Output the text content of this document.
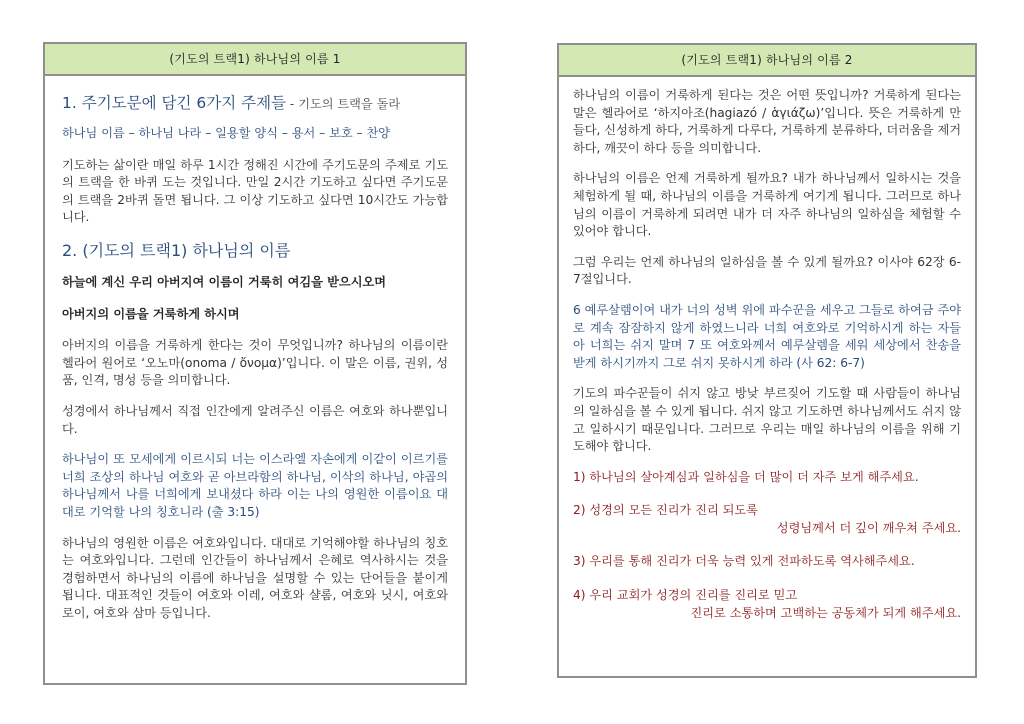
(기도의 트랙1) 하나님의 이름 1
1. 주기도문에 담긴 6가지 주제들 - 기도의 트랙을 돌라

하나님 이름 – 하나님 나라 – 일용할 양식 – 용서 – 보호 – 찬양

기도하는 삶이란 매일 하루 1시간 정해진 시간에 주기도문의 주제로 기도의 트랙을 한 바퀴 도는 것입니다. 만일 2시간 기도하고 싶다면 주기도문의 트랙을 2바퀴 돌면 됩니다. 그 이상 기도하고 싶다면 10시간도 가능합니다.

2. (기도의 트랙1) 하나님의 이름

하늘에 계신 우리 아버지여 이름이 거룩히 여김을 받으시오며

아버지의 이름을 거룩하게 하시며

아버지의 이름을 거룩하게 한다는 것이 무엇입니까? 하나님의 이름이란 헬라어 원어로 ‘오노마(onoma / ὄνομα)’입니다. 이 말은 이름, 권위, 성품, 인격, 명성 등을 의미합니다.

성경에서 하나님께서 직접 인간에게 알려주신 이름은 여호와 하나뿐입니다.

하나님이 또 모세에게 이르시되 너는 이스라엘 자손에게 이같이 이르기를 너희 조상의 하나님 여호와 곧 아브라함의 하나님, 이삭의 하나님, 야곱의 하나님께서 나를 너희에게 보내셨다 하라 이는 나의 영원한 이름이요 대대로 기억할 나의 칭호니라 (출 3:15)

하나님의 영원한 이름은 여호와입니다. 대대로 기억해야할 하나님의 칭호는 여호와입니다. 그런데 인간들이 하나님께서 은혜로 역사하시는 것을 경험하면서 하나님의 이름에 하나님을 설명할 수 있는 단어들을 붙이게 됩니다. 대표적인 것들이 여호와 이레, 여호와 샬롬, 여호와 닛시, 여호와 로이, 여호와 삼마 등입니다.

(기도의 트랙1) 하나님의 이름 2

하나님의 이름이 거룩하게 된다는 것은 어떤 뜻입니까? 거룩하게 된다는 말은 헬라어로 ‘하지아조(hagiazó / ἁγιάζω)’입니다. 뜻은 거룩하게 만들다, 신성하게 하다, 거룩하게 다루다, 거룩하게 분류하다, 더러움을 제거하다, 깨끗이 하다 등을 의미합니다.

하나님의 이름은 언제 거룩하게 될까요? 내가 하나님께서 일하시는 것을 체험하게 될 때, 하나님의 이름을 거룩하게 여기게 됩니다. 그러므로 하나님의 이름이 거룩하게 되려면 내가 더 자주 하나님의 일하심을 체험할 수 있어야 합니다.

그럼 우리는 언제 하나님의 일하심을 볼 수 있게 될까요? 이사야 62장 6-7절입니다.

6 예루살렘이여 내가 너의 성벽 위에 파수꾼을 세우고 그들로 하여금 주야로 계속 잠잠하지 않게 하였느니라 너희 여호와로 기억하시게 하는 자들아 너희는 쉬지 말며 7 또 여호와께서 예루살렘을 세워 세상에서 찬송을 받게 하시기까지 그로 쉬지 못하시게 하라 (사 62: 6-7)

기도의 파수꾼들이 쉬지 않고 방낮 부르짖어 기도할 때 사람들이 하나님의 일하심을 볼 수 있게 됩니다. 쉬지 않고 기도하면 하나님께서도 쉬지 않고 일하시기 때문입니다. 그러므로 우리는 매일 하나님의 이름을 위해 기도해야 합니다.

1) 하나님의 살아계심과 일하심을 더 많이 더 자주 보게 해주세요.

2) 성경의 모든 진리가 진리 되도록

성령님께서 더 깊이 깨우쳐 주세요.

3) 우리를 통해 진리가 더욱 능력 있게 전파하도록 역사해주세요.

4) 우리 교회가 성경의 진리를 진리로 믿고

진리로 소통하며 고백하는 공동체가 되게 해주세요.
